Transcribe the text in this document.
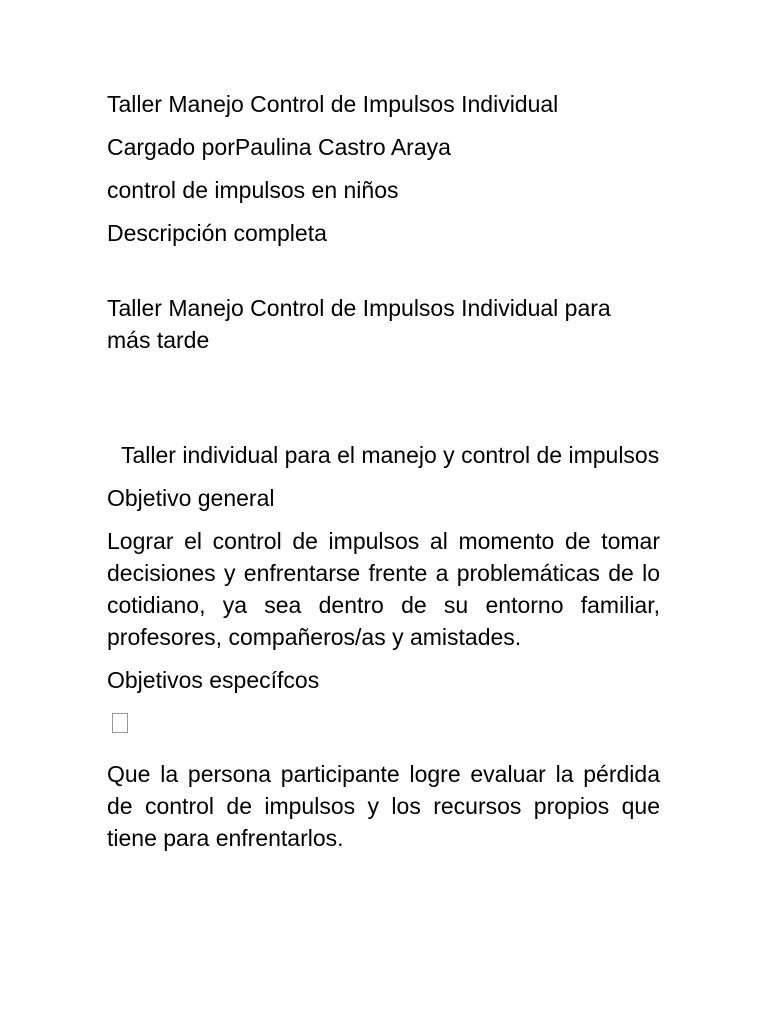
Taller Manejo Control de Impulsos Individual
Cargado porPaulina Castro Araya
control de impulsos en niños
Descripción completa
Taller Manejo Control de Impulsos Individual para más tarde
Taller individual para el manejo y control de impulsos
Objetivo general
Lograr el control de impulsos al momento de tomar decisiones y enfrentarse frente a problemáticas de lo cotidiano, ya sea dentro de su entorno familiar, profesores, compañeros/as y amistades.
Objetivos específcos
Que la persona participante logre evaluar la pérdida de control de impulsos y los recursos propios que tiene para enfrentarlos.
